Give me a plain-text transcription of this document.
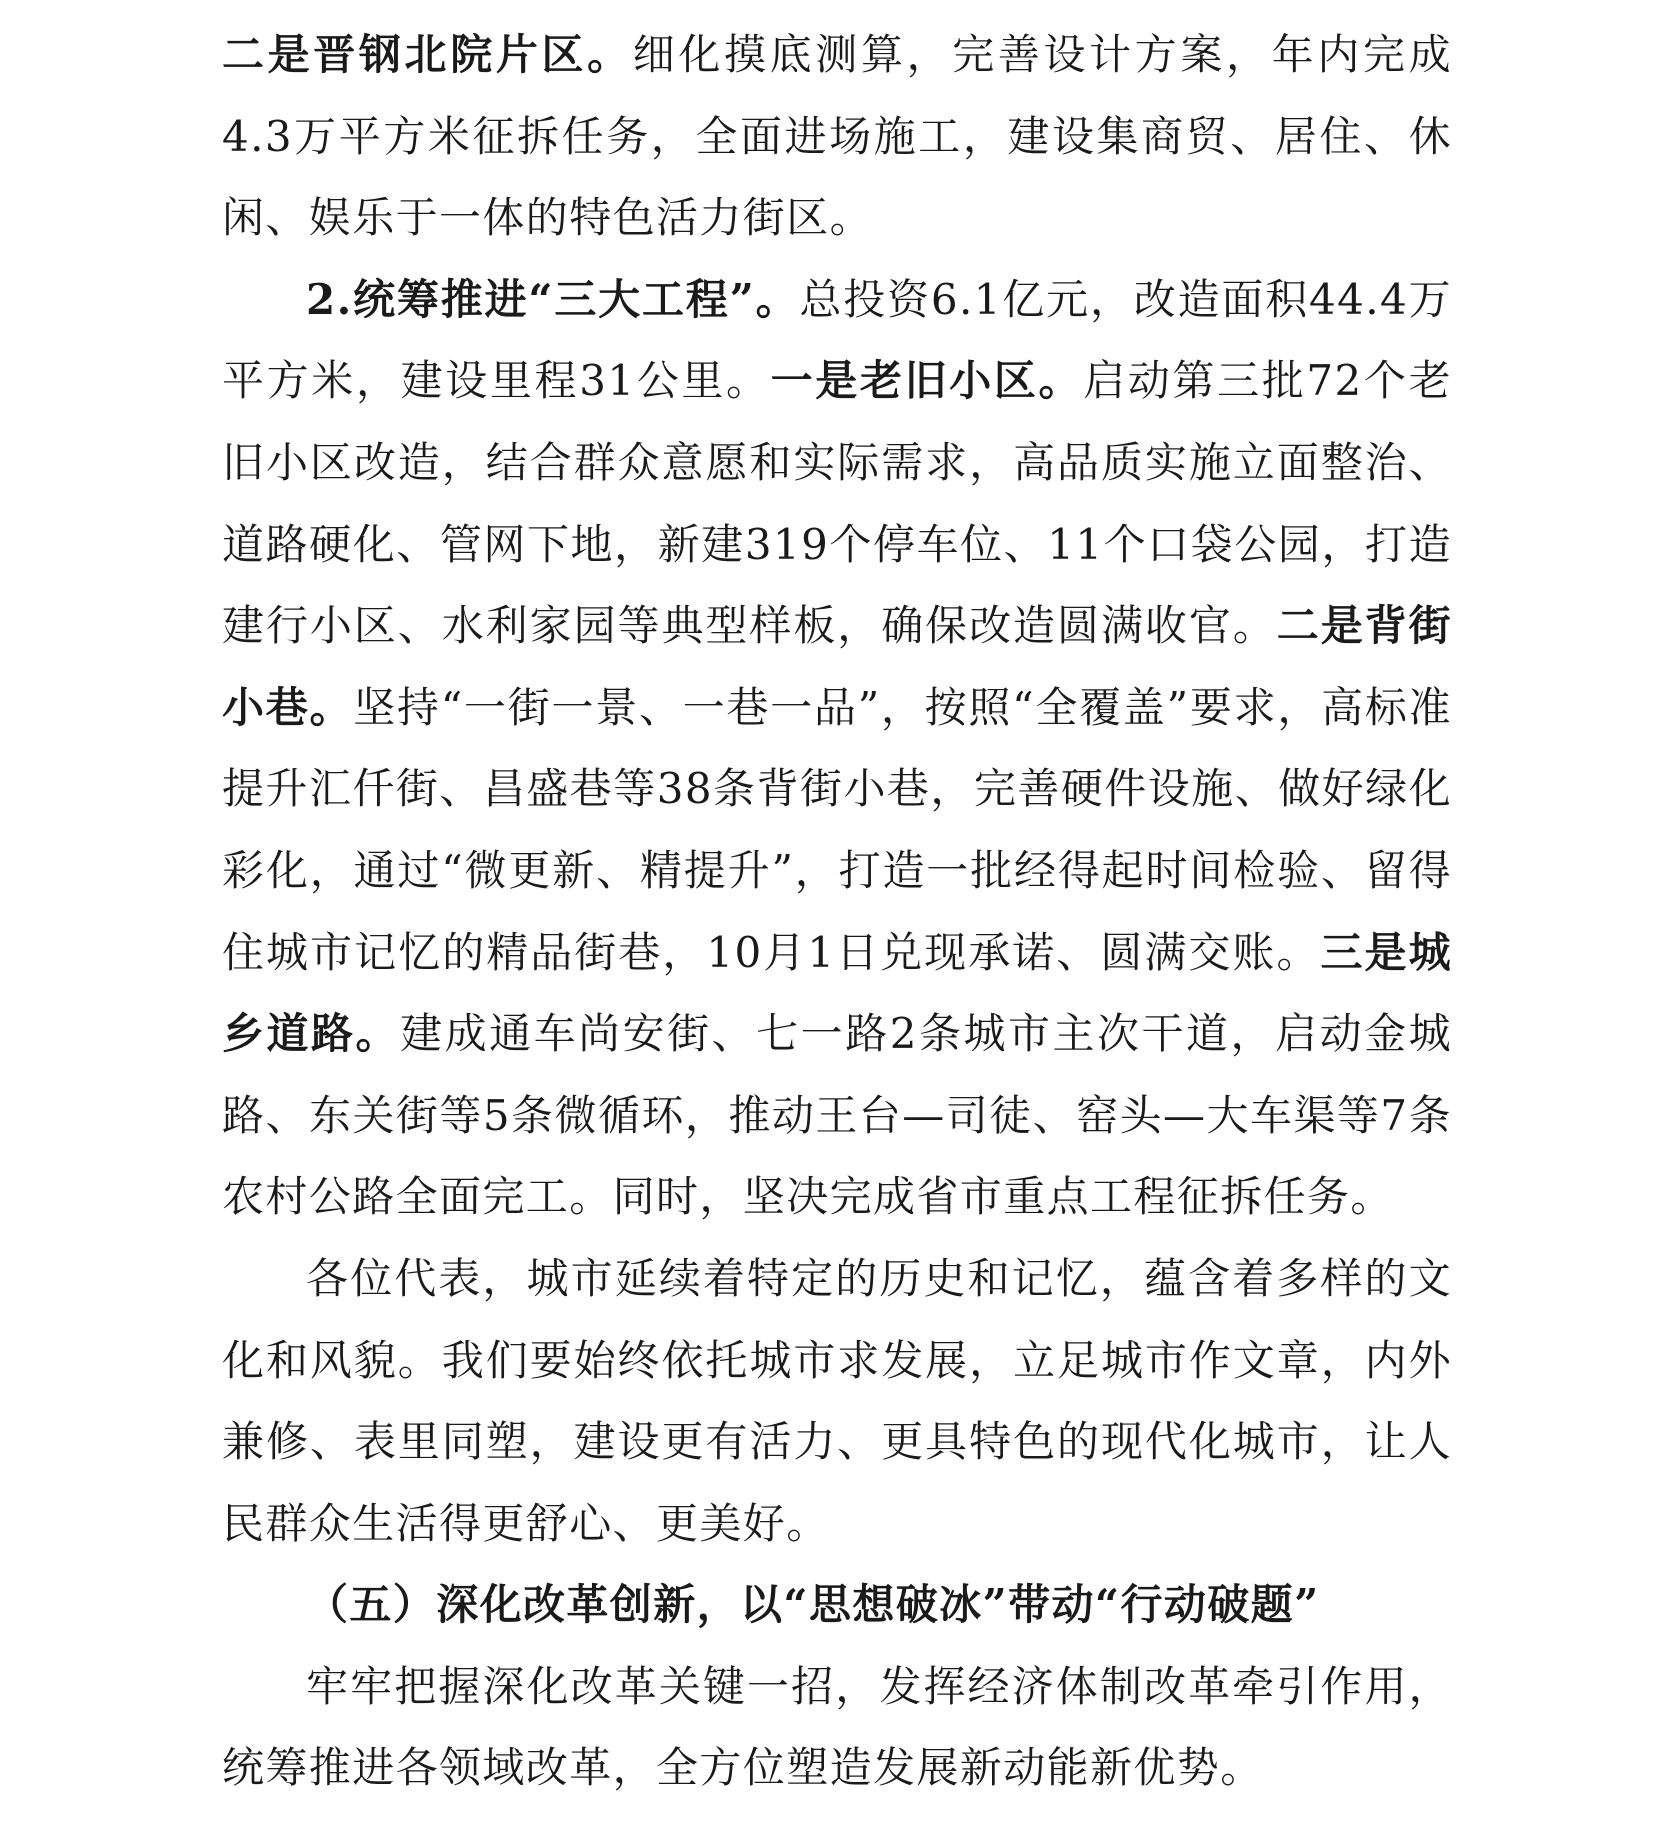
二是晋钢北院片区。细化摸底测算，完善设计方案，年内完成4.3万平方米征拆任务，全面进场施工，建设集商贸、居住、休闲、娱乐于一体的特色活力街区。

2.统筹推进“三大工程”。总投资6.1亿元，改造面积44.4万平方米，建设里程31公里。一是老旧小区。启动第三批72个老旧小区改造，结合群众意愿和实际需求，高品质实施立面整治、道路硬化、管网下地，新建319个停车位、11个口袋公园，打造建行小区、水利家园等典型样板，确保改造圆满收官。二是背街小巷。坚持“一街一景、一巷一品”，按照“全覆盖”要求，高标准提升汇仟街、昌盛巷等38条背街小巷，完善硬件设施、做好绿化彩化，通过“微更新、精提升”，打造一批经得起时间检验、留得住城市记忆的精品街巷，10月1日兑现承诺、圆满交账。三是城乡道路。建成通车尚安街、七一路2条城市主次干道，启动金城路、东关街等5条微循环，推动王台—司徒、窑头—大车渠等7条农村公路全面完工。同时，坚决完成省市重点工程征拆任务。

各位代表，城市延续着特定的历史和记忆，蕴含着多样的文化和风貌。我们要始终依托城市求发展，立足城市作文章，内外兼修、表里同塑，建设更有活力、更具特色的现代化城市，让人民群众生活得更舒心、更美好。

（五）深化改革创新，以“思想破冰”带动“行动破题”

牢牢把握深化改革关键一招，发挥经济体制改革牵引作用，统筹推进各领域改革，全方位塑造发展新动能新优势。
